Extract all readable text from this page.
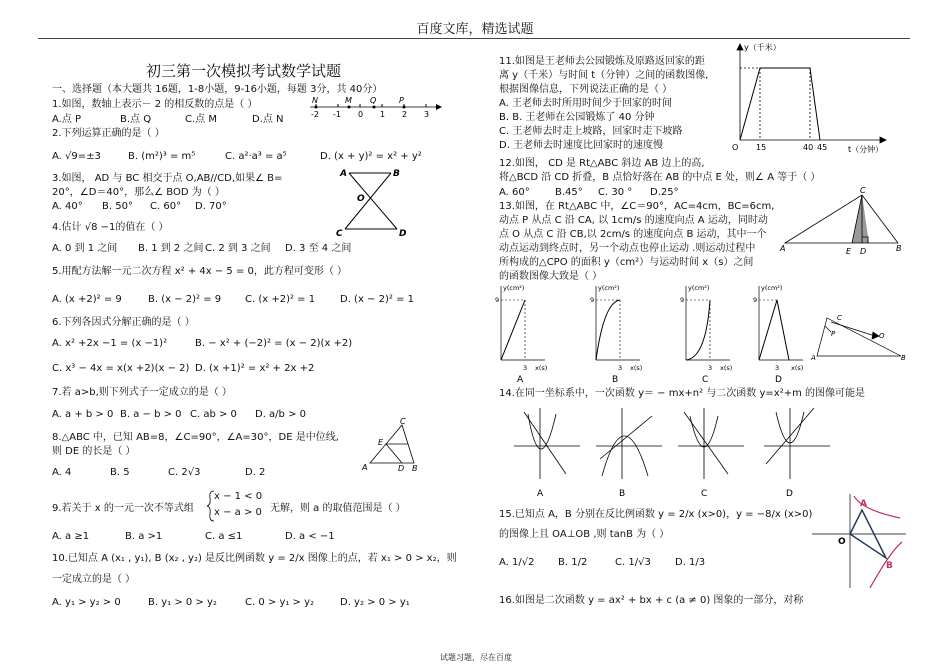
百度文库，精选试题
初三第一次模拟考试数学试题
一、选择题（本大题共 16题，1-8小题，9-16小题，每题 3分，共 40分）
1.如图，数轴上表示－ 2 的相反数的点是（ ）
-2 -1 0 1 2 3
N	M Q	P
A.点 P	B.点 Q	C.点 M	D.点 N
2.下列运算正确的是（ ）
A. √9=±3	B. (m²)³ = m⁵	C. a²·a³ = a⁵	D. (x + y)² = x² + y²
3.如图， AD 与 BC 相交于点 O,AB//CD,如果∠ B=
20°，∠D＝40°，那么∠ BOD 为（ ）
A	B
O
C	D
A. 40° B. 50° C. 60° D. 70°
4.估计 √8 −1的值在（ ）
A. 0 到 1 之间 B. 1 到 2 之间 C. 2 到 3 之间 D. 3 至 4 之间
5.用配方法解一元二次方程 x² + 4x − 5 = 0，此方程可变形（ ）
A. (x +2)² = 9	B. (x − 2)² = 9 C. (x +2)² = 1 D. (x − 2)² = 1
6.下列各因式分解正确的是（ ）
A. x² +2x −1 = (x −1)²	B. − x² + (−2)² = (x − 2)(x +2)
C. x³ − 4x = x(x +2)(x − 2) D. (x +1)² = x² + 2x +2
7.若 a>b,则下列式子一定成立的是（ ）
A. a + b > 0 B. a − b > 0 C. ab > 0 D. a/b > 0
8.△ABC 中，已知 AB=8，∠C=90°，∠A=30°，DE 是中位线,
则 DE 的长是（ ）
A	D B
C
E
A. 4	B. 5	C. 2√3	D. 2
9.若关于 x 的一元一次不等式组
x − 1 < 0
x − a > 0 无解，则 a 的取值范围是（ ）
A. a ≥1	B. a >1	C. a ≤1	D. a < −1
10.已知点 A (x₁ , y₁), B (x₂ , y₂) 是反比例函数 y = 2/x 图像上的点，若 x₁ > 0 > x₂，则
一定成立的是（ ）
A. y₁ > y₂ > 0	B. y₁ > 0 > y₂	C. 0 > y₁ > y₂	D. y₂ > 0 > y₁
11.如图是王老师去公园锻炼及原路返回家的距
离 y（千米）与时间 t（分钟）之间的函数图像,
根据图像信息，下列说法正确的是（ ）
A. 王老师去时所用时间少于回家的时间
B. B. 王老师在公园锻炼了 40 分钟
C. 王老师去时走上坡路，回家时走下坡路
D. 王老师去时速度比回家时的速度慢
y（千米）
t（分钟）
O 15	40 45
12.如图， CD 是 Rt△ABC 斜边 AB 边上的高,
将△BCD 沿 CD 折叠，B 点恰好落在 AB 的中点 E 处，则∠ A 等于（ ）
A. 60°	B.45° C. 30 ° D.25°
13.如图，在 Rt△ABC 中，∠C＝90°，AC=4cm，BC=6cm,
动点 P 从点 C 沿 CA, 以 1cm/s 的速度向点 A 运动，同时动
点 O 从点 C 沿 CB,以 2cm/s 的速度向点 B 运动，其中一个
动点运动到终点时，另一个动点也停止运动 .则运动过程中
所构成的△CPO 的面积 y（cm²）与运动时间 x（s）之间
的函数图像大致是（ ）
A
C
E D	B
y(cm²)
9
3 x(s)
y(cm²)
9
3 x(s)
y(cm²)
9
3 x(s)
y(cm²)
9
3 x(s)
A	B	C	D
A
P
C
O
B
14.在同一坐标系中，一次函数 y＝ − mx+n² 与二次函数 y=x²+m 的图像可能是
A	B	C	D
15.已知点 A，B 分别在反比例函数 y = 2/x (x>0)，y = −8/x (x>0)
的图像上且 OA⊥OB ,则 tanB 为（ ）
A. 1/√2 B. 1/2	C. 1/√3 D. 1/3
A
B
O
16.如图是二次函数 y = ax² + bx + c (a ≠ 0) 图象的一部分，对称
试题习题，尽在百度
